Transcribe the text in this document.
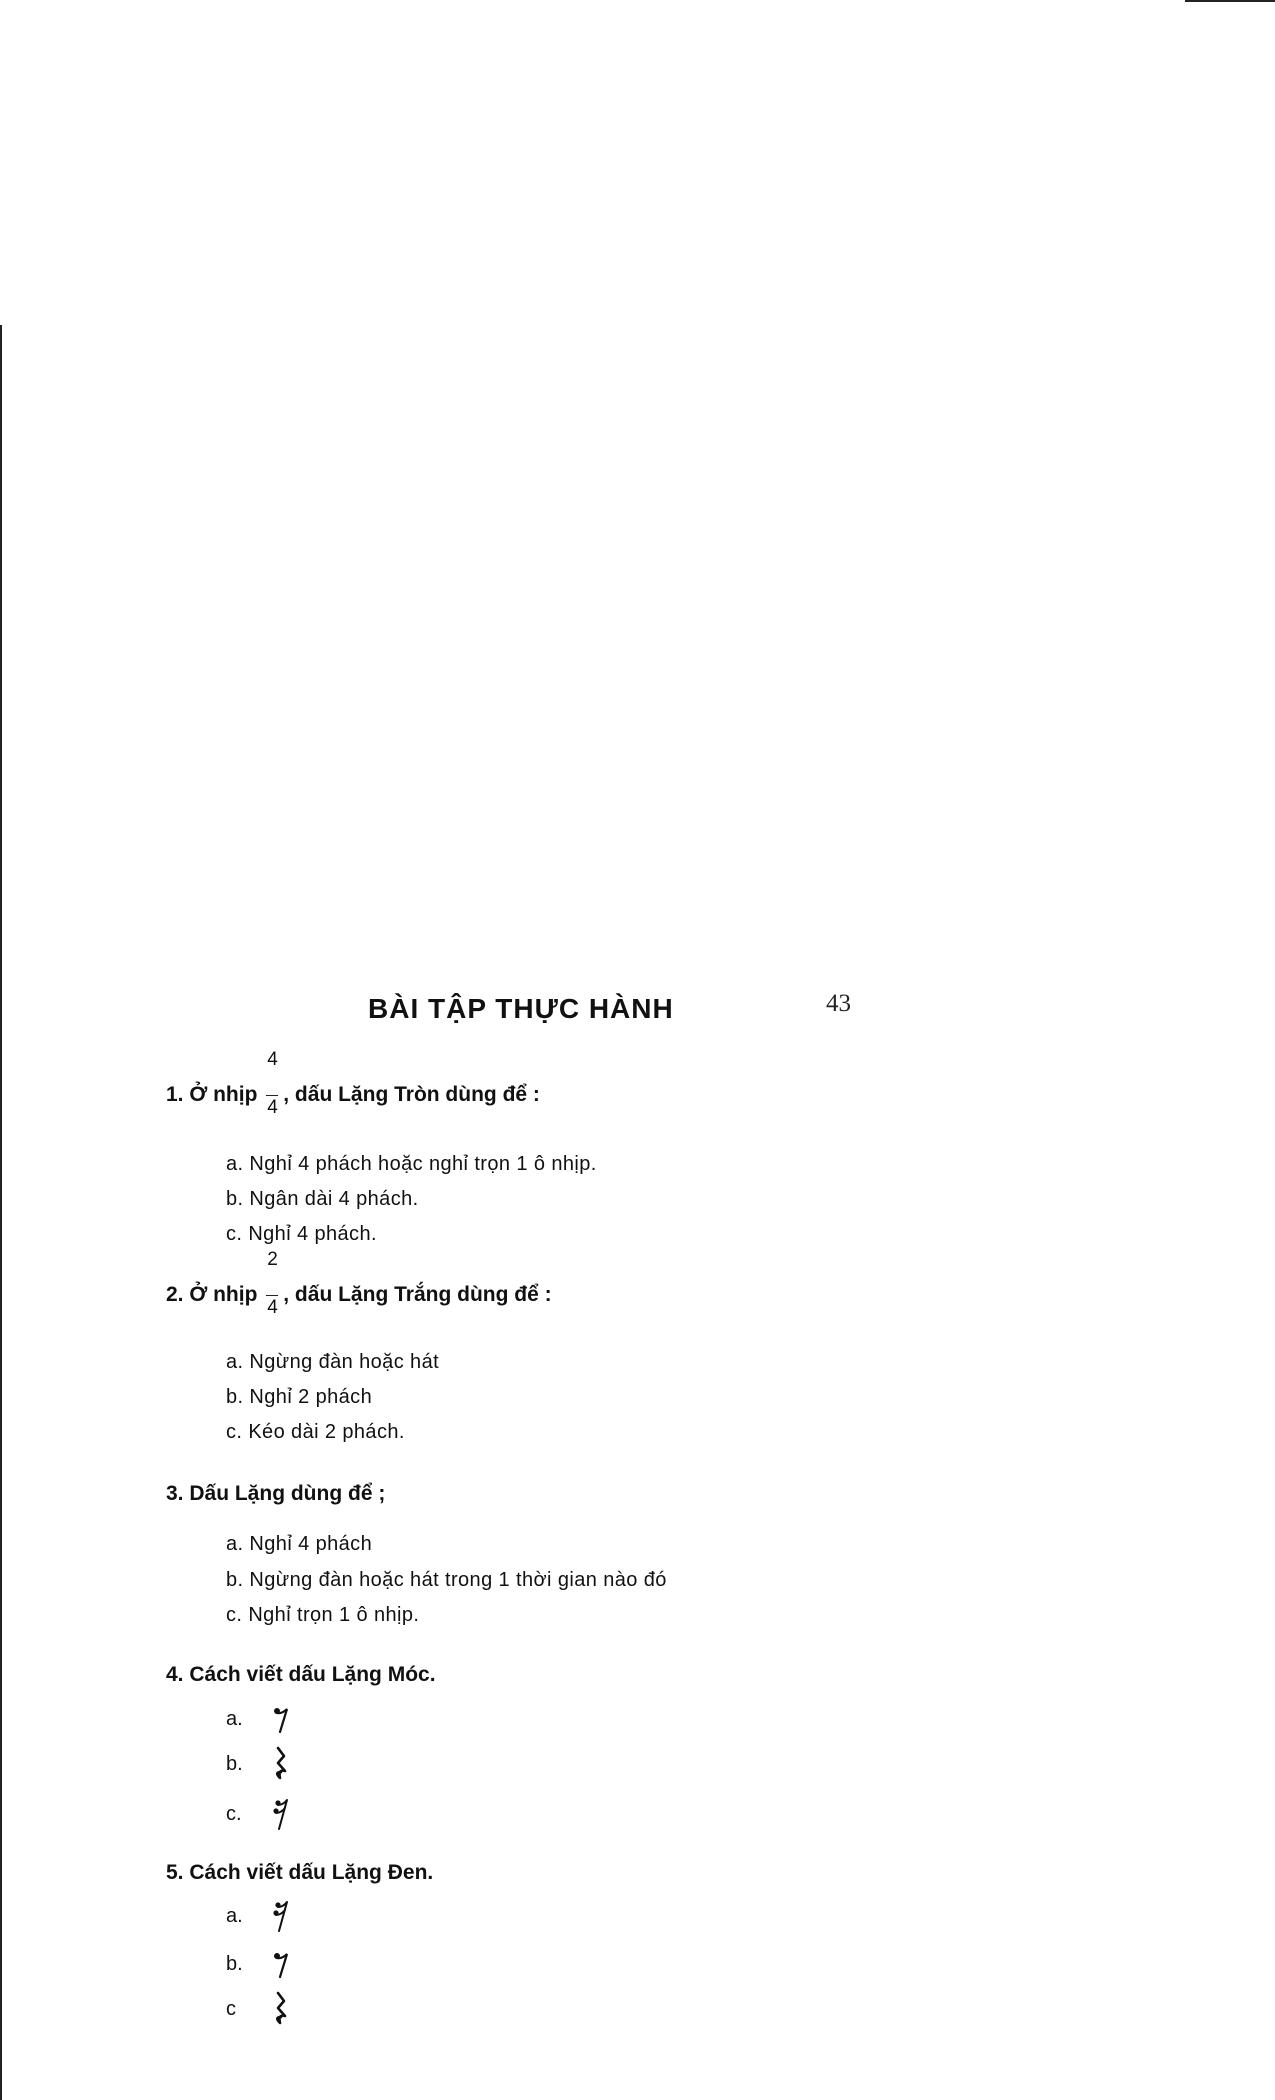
43
BÀI TẬP THỰC HÀNH
1. Ở nhịp $\frac{4}{4}$ , dấu Lặng Tròn dùng để :
a. Nghỉ 4 phách hoặc nghỉ trọn 1 ô nhịp.
b. Ngân dài 4 phách.
c. Nghỉ 4 phách.
2. Ở nhịp $\frac{2}{4}$ , dấu Lặng Trắng dùng để :
a. Ngừng đàn hoặc hát
b. Nghỉ 2 phách
c. Kéo dài 2 phách.
3. Dấu Lặng dùng để ;
a. Nghỉ 4 phách
b. Ngừng đàn hoặc hát trong 1 thời gian nào đó
c. Nghỉ trọn 1 ô nhịp.
4. Cách viết dấu Lặng Móc.
a.
b.
c.
5. Cách viết dấu Lặng Đen.
a.
b.
c
